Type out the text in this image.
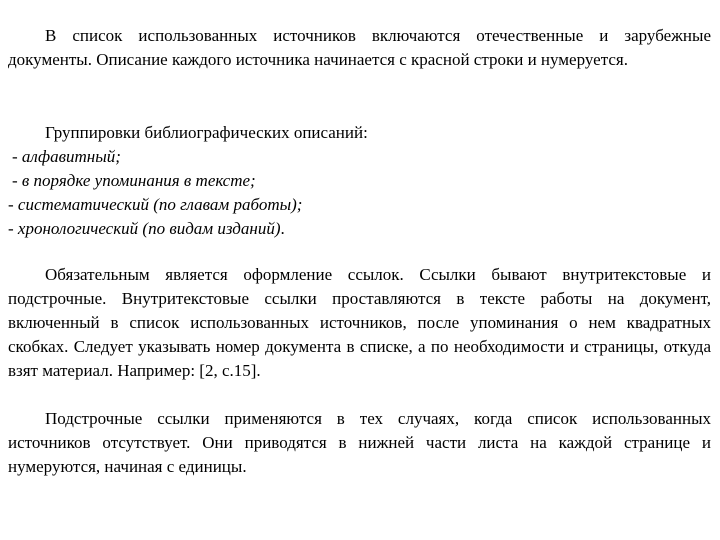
В список использованных источников включаются отечественные и зарубежные документы. Описание каждого источника начинается с красной строки и нумеруется.

Группировки библиографических описаний:

- алфавитный;
- в порядке упоминания в тексте;
- систематический (по главам работы);
- хронологический (по видам изданий).

Обязательным является оформление ссылок. Ссылки бывают внутритекстовые и подстрочные. Внутритекстовые ссылки проставляются в тексте работы на документ, включенный в список использованных источников, после упоминания о нем квадратных скобках. Следует указывать номер документа в списке, а по необходимости и страницы, откуда взят материал. Например: [2, с.15].

Подстрочные ссылки применяются в тех случаях, когда список использованных источников отсутствует. Они приводятся в нижней части листа на каждой странице и нумеруются, начиная с единицы.
